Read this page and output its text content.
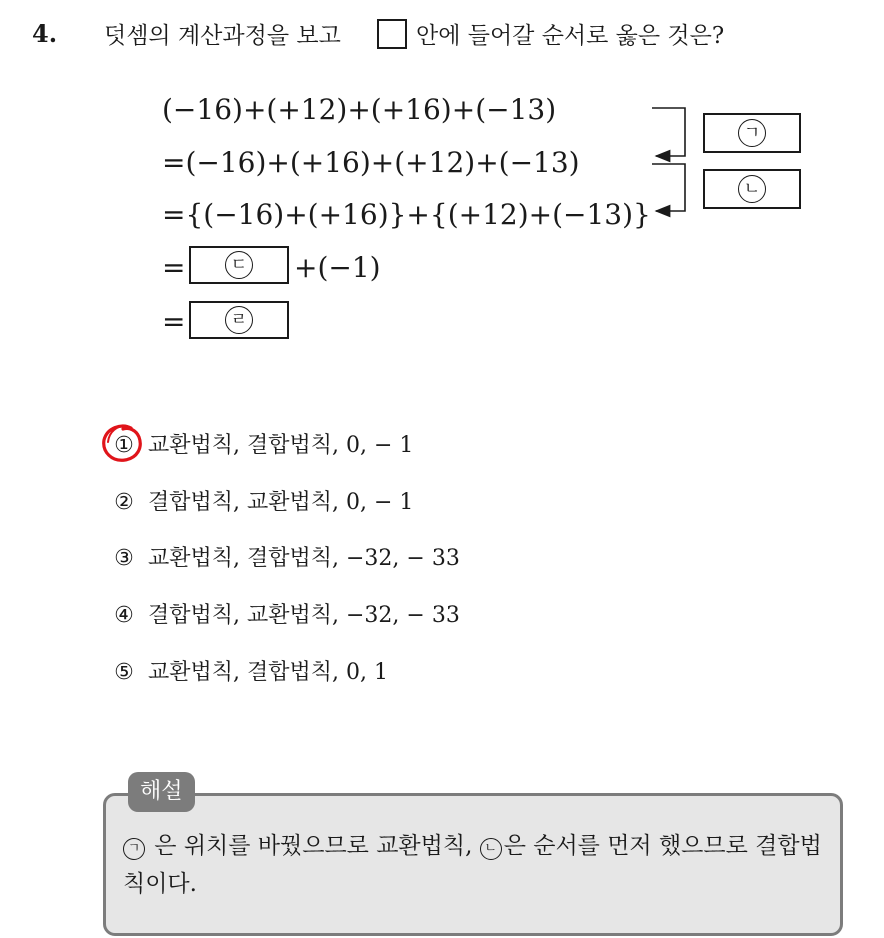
4. 덧셈의 계산과정을 보고	안에 들어갈 순서로 옳은 것은?
(−16)+(+12)+(+16)+(−13)
=(−16)+(+16)+(+12)+(−13)
={(−16)+(+16)}+{(+12)+(−13)}
=	ㄷ +(−1)
=	ㄹ
ㄱ
ㄴ
① 교환법칙, 결합법칙, 0, − 1
② 결합법칙, 교환법칙, 0, − 1
③ 교환법칙, 결합법칙, −32, − 33
④ 결합법칙, 교환법칙, −32, − 33
⑤ 교환법칙, 결합법칙, 0, 1
해설
ㄱ 은 위치를 바꿨으므로 교환법칙, ㄴ 은 순서를 먼저 했으므로 결합법칙이다.
